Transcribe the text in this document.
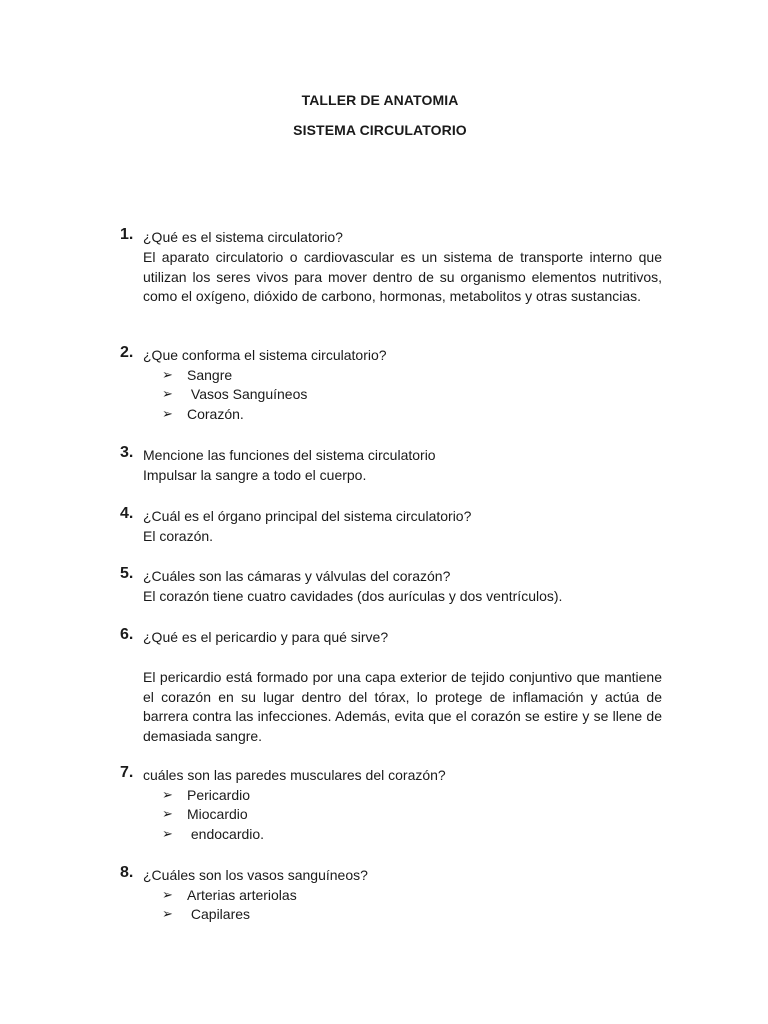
TALLER DE ANATOMIA
SISTEMA CIRCULATORIO
1. ¿Qué es el sistema circulatorio?
El aparato circulatorio o cardiovascular es un sistema de transporte interno que utilizan los seres vivos para mover dentro de su organismo elementos nutritivos, como el oxígeno, dióxido de carbono, hormonas, metabolitos y otras sustancias.
2. ¿Que conforma el sistema circulatorio?
➢ Sangre
➢ Vasos Sanguíneos
➢ Corazón.
3. Mencione las funciones del sistema circulatorio
Impulsar la sangre a todo el cuerpo.
4. ¿Cuál es el órgano principal del sistema circulatorio?
El corazón.
5. ¿Cuáles son las cámaras y válvulas del corazón?
El corazón tiene cuatro cavidades (dos aurículas y dos ventrículos).
6. ¿Qué es el pericardio y para qué sirve?
El pericardio está formado por una capa exterior de tejido conjuntivo que mantiene el corazón en su lugar dentro del tórax, lo protege de inflamación y actúa de barrera contra las infecciones. Además, evita que el corazón se estire y se llene de demasiada sangre.
7. cuáles son las paredes musculares del corazón?
➢ Pericardio
➢ Miocardio
➢ endocardio.
8. ¿Cuáles son los vasos sanguíneos?
➢ Arterias arteriolas
➢ Capilares
